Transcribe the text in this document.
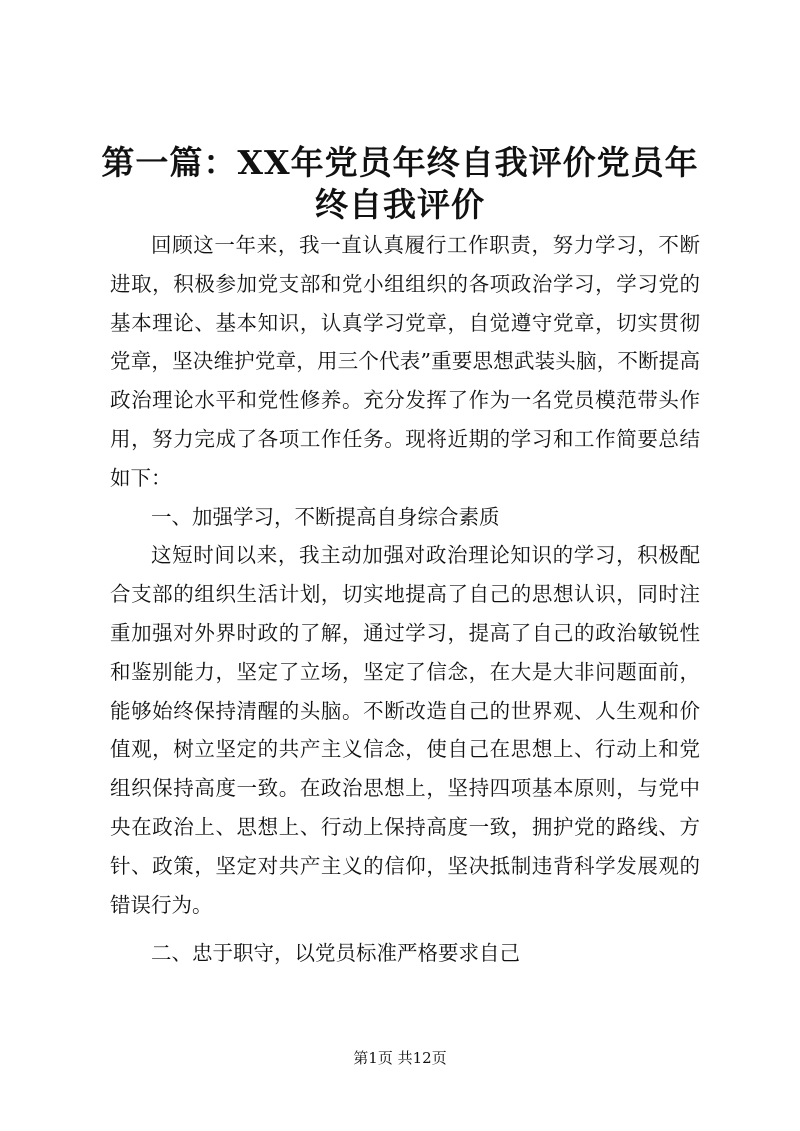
第一篇：XX年党员年终自我评价党员年终自我评价

回顾这一年来，我一直认真履行工作职责，努力学习，不断进取，积极参加党支部和党小组组织的各项政治学习，学习党的基本理论、基本知识，认真学习党章，自觉遵守党章，切实贯彻党章，坚决维护党章，用三个代表”重要思想武装头脑，不断提高政治理论水平和党性修养。充分发挥了作为一名党员模范带头作用，努力完成了各项工作任务。现将近期的学习和工作简要总结如下：

一、加强学习，不断提高自身综合素质

这短时间以来，我主动加强对政治理论知识的学习，积极配合支部的组织生活计划，切实地提高了自己的思想认识，同时注重加强对外界时政的了解，通过学习，提高了自己的政治敏锐性和鉴别能力，坚定了立场，坚定了信念，在大是大非问题面前，能够始终保持清醒的头脑。不断改造自己的世界观、人生观和价值观，树立坚定的共产主义信念，使自己在思想上、行动上和党组织保持高度一致。在政治思想上，坚持四项基本原则，与党中央在政治上、思想上、行动上保持高度一致，拥护党的路线、方针、政策，坚定对共产主义的信仰，坚决抵制违背科学发展观的错误行为。

二、忠于职守，以党员标准严格要求自己

第1页 共12页
